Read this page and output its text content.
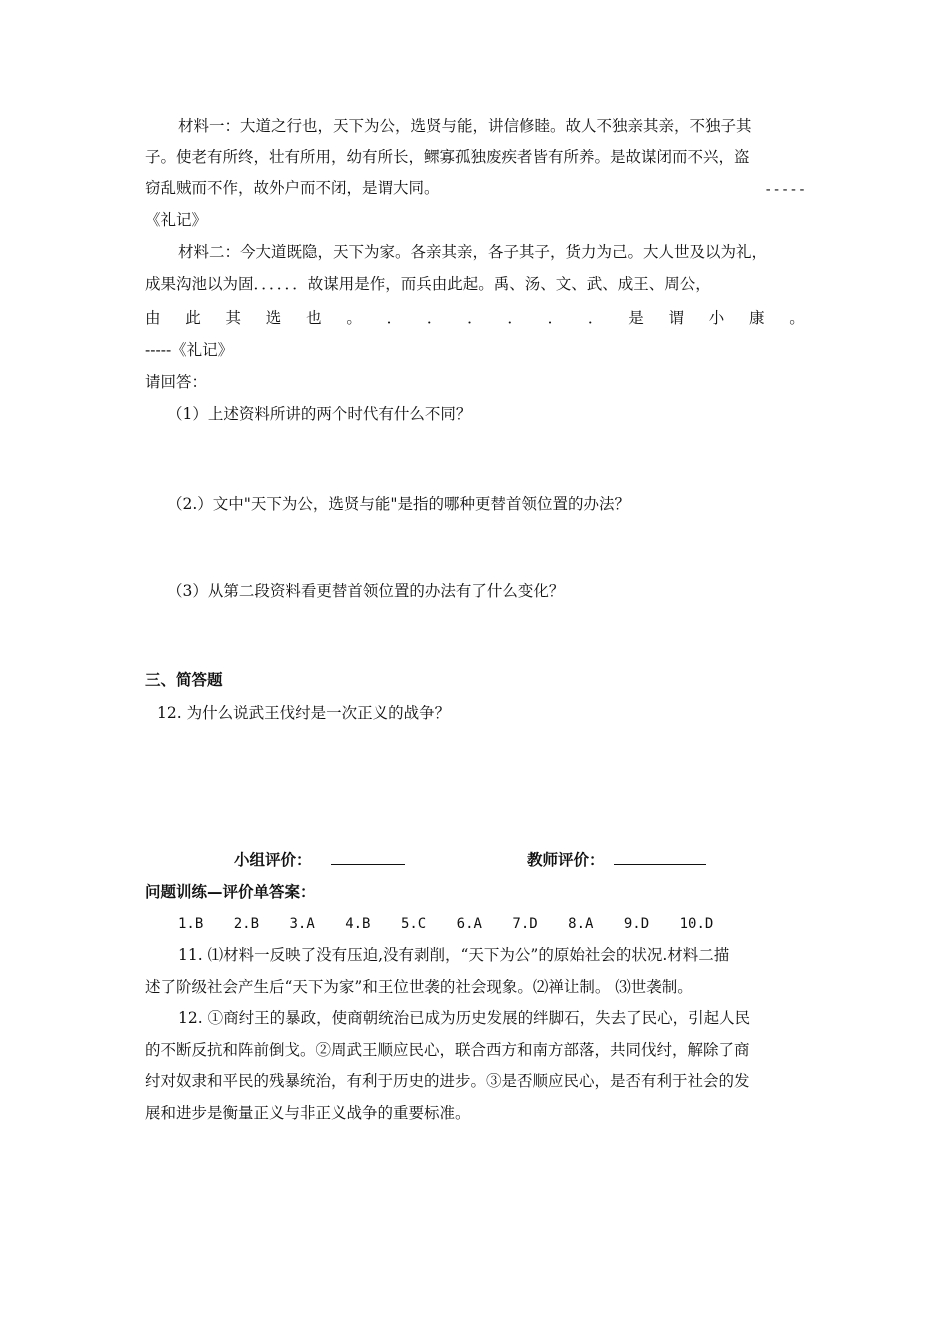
材料一：大道之行也，天下为公，选贤与能，讲信修睦。故人不独亲其亲，不独子其
子。使老有所终，壮有所用，幼有所长，鳏寡孤独废疾者皆有所养。是故谋闭而不兴，盗
窃乱贼而不作，故外户而不闭，是谓大同。	-----
《礼记》
材料二：今大道既隐，天下为家。各亲其亲，各子其子，货力为己。大人世及以为礼，
成果沟池以为固．．．．．．故谋用是作，而兵由此起。禹、汤、文、武、成王、周公，
由 此 其 选 也 。 ． ． ． ． ． ． 是 谓 小 康 。
-----《礼记》
请回答：
（1）上述资料所讲的两个时代有什么不同？
（2.）文中"天下为公，选贤与能"是指的哪种更替首领位置的办法？
（3）从第二段资料看更替首领位置的办法有了什么变化？
三、简答题
12. 为什么说武王伐纣是一次正义的战争？
小组评价：	教师评价：
问题训练—评价单答案：
1.B 2.B 3.A 4.B 5.C 6.A 7.D 8.A 9.D 10.D
11. ⑴材料一反映了没有压迫,没有剥削，“天下为公”的原始社会的状况.材料二描
述了阶级社会产生后“天下为家”和王位世袭的社会现象。⑵禅让制。 ⑶世袭制。
12. ①商纣王的暴政，使商朝统治已成为历史发展的绊脚石，失去了民心，引起人民
的不断反抗和阵前倒戈。②周武王顺应民心，联合西方和南方部落，共同伐纣，解除了商
纣对奴隶和平民的残暴统治，有利于历史的进步。③是否顺应民心，是否有利于社会的发
展和进步是衡量正义与非正义战争的重要标准。
